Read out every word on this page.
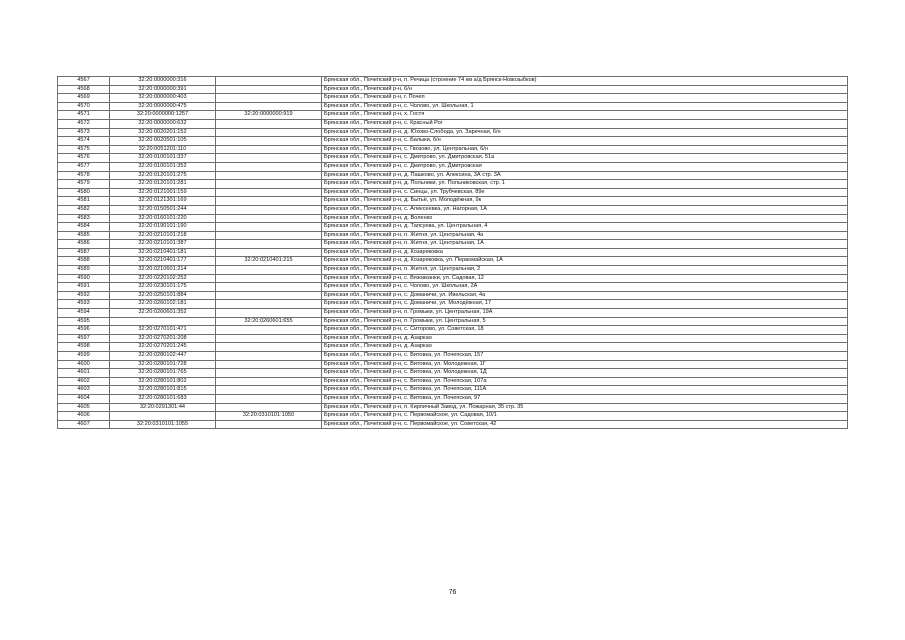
4567	32:20:0000000:316		Брянская обл., Почепский р-н, п. Речица (строение 74 км а/д Брянск-Новозыбков)
4568	32:20:0000000:391		Брянская обл., Почепский р-н, 6/н
4569	32:20:0000000:403		Брянская обл., Почепский р-н, г. Почеп
4570	32:20:0000000:475		Брянская обл., Почепский р-н, с. Чолово, ул. Школьная, 1
4571	32:20:0000000:1257	32:20:0000000:919	Брянская обл., Почепский р-н, х. Гостя
4572	32:20:0000000:632		Брянская обл., Почепский р-н, с. Красный Рог
4573	32:20:0020201:152		Брянская обл., Почепский р-н, д. Юхово-Слобода, ул. Заречная, 6/н
4574	32:20:0020501:105		Брянская обл., Почепский р-н, с. Балыки, б/н
4575	32:20:0051201:110		Брянская обл., Почепский р-н, с. Гвозово, ул. Центральная, 6/н
4576	32:20:0100101:337		Брянская обл., Почепский р-н, с. Дмитрово, ул. Дмитровская, 51а
4577	32:20:0100101:352		Брянская обл., Почепский р-н, с. Дмитрово, ул. Дмитровская
4578	32:20:0120101:275		Брянская обл., Почепский р-н, д. Пашково, ул. Алексина, 3А стр. 3А
4579	32:20:0120101:281		Брянская обл., Почепский р-н, д. Польники, ул. Польниковская, стр. 1
4580	32:20:0121001:159		Брянская обл., Почепский р-н, с. Синцы, ул. Трубчевская, 89е
4581	32:20:0121301:169		Брянская обл., Почепский р-н, д. Бытьё, ул. Молодёжная, 9к
4582	32:20:0150501:244		Брянская обл., Почепский р-н, с. Алексеевка, ул. Нагорная, 1А
4583	32:20:0160101:220		Брянская обл., Почепский р-н, д. Воленко
4584	32:20:0190101:190		Брянская обл., Почепский р-н, д. Тапсуева, ул. Центральная, 4
4585	32:20:0210101:218		Брянская обл., Почепский р-н, п. Житня, ул. Центральная, 4а
4586	32:20:0210101:387		Брянская обл., Почепский р-н, п. Житня, ул. Центральная, 1А
4587	32:20:0210401:181		Брянская обл., Почепский р-н, д. Козаряковка
4588	32:20:0210401:177	32:20:0210401:215	Брянская обл., Почепский р-н, д. Козаряковка, ул. Первомайская, 1А
4589	32:20:0210601:214		Брянская обл., Почепский р-н, п. Житня, ул. Центральная, 2
4590	32:20:0220102:252		Брянская обл., Почепский р-н, с. Вязовканки, ул. Садовая, 12
4591	32:20:0230101:175		Брянская обл., Почепский р-н, с. Чолово, ул. Школьная, 2А
4592	32:20:0250101:884		Брянская обл., Почепский р-н, с. Доманичи, ул. Ивельская, 4а
4593	32:20:0260102:181		Брянская обл., Почепский р-н, с. Доманичи, ул. Молодёжная, 17
4594	32:20:0260601:352		Брянская обл., Почепский р-н, п. Громыки, ул. Центральная, 19А
4595		32:20:0260601:655	Брянская обл., Почепский р-н, п. Громыки, ул. Центральная, 5
4596	32:20:0270101:471		Брянская обл., Почепский р-н, с. Ситорово, ул. Советская, 18
4597	32:20:0270201:208		Брянская обл., Почепский р-н, д. Азаркао
4598	32:20:0270201:245		Брянская обл., Почепский р-н, д. Азаркао
4599	32:20:0280102:447		Брянская обл., Почепский р-н, с. Витовка, ул. Почепская, 157
4600	32:20:0280101:728		Брянская обл., Почепский р-н, с. Витовка, ул. Молодежная, 1Г
4601	32:20:0280101:765		Брянская обл., Почепский р-н, с. Витовка, ул. Молодежная, 1Д
4602	32:20:0280101:802		Брянская обл., Почепский р-н, с. Витовка, ул. Почепская, 107а
4603	32:20:0280101:815		Брянская обл., Почепский р-н, с. Витовка, ул. Почепская, 111А
4604	32:20:0280101:683		Брянская обл., Почепский р-н, с. Витовка, ул. Почепская, 97
4605	32:20:0291301:44		Брянская обл., Почепский р-н, п. Кирпичный Завод, ул. Пожарная, 35 стр. 35
4606		32:20:0310101:1050	Брянская обл., Почепский р-н, с. Первомайское, ул. Садовая, 10/1
4607	32:20:0310101:1055		Брянская обл., Почепский р-н, с. Первомайское, ул. Советская, 42
76
